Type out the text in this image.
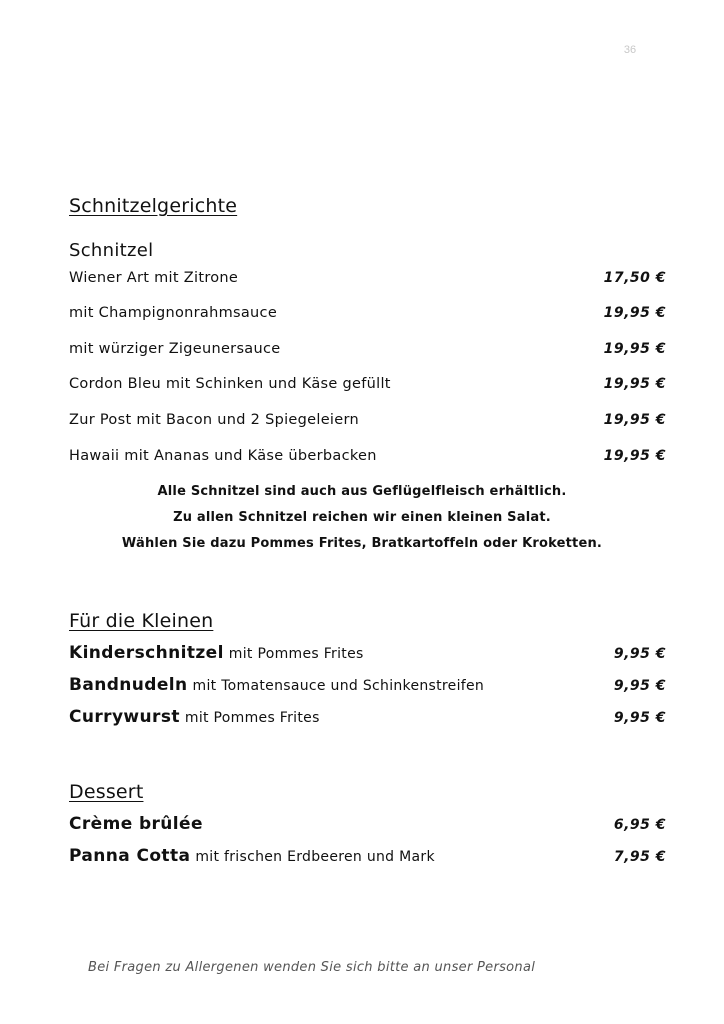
36
Schnitzelgerichte
Schnitzel
Wiener Art mit Zitrone	17,50 €
mit Champignonrahmsauce	19,95 €
mit würziger Zigeunersauce	19,95 €
Cordon Bleu mit Schinken und Käse gefüllt	19,95 €
Zur Post mit Bacon und 2 Spiegeleiern	19,95 €
Hawaii mit Ananas und Käse überbacken	19,95 €
Alle Schnitzel sind auch aus Geflügelfleisch erhältlich.
Zu allen Schnitzel reichen wir einen kleinen Salat.
Wählen Sie dazu Pommes Frites, Bratkartoffeln oder Kroketten.
Für die Kleinen
Kinderschnitzel mit Pommes Frites	9,95 €
Bandnudeln mit Tomatensauce und Schinkenstreifen	9,95 €
Currywurst mit Pommes Frites	9,95 €
Dessert
Crème brûlée	6,95 €
Panna Cotta mit frischen Erdbeeren und Mark	7,95 €
Bei Fragen zu Allergenen wenden Sie sich bitte an unser Personal
